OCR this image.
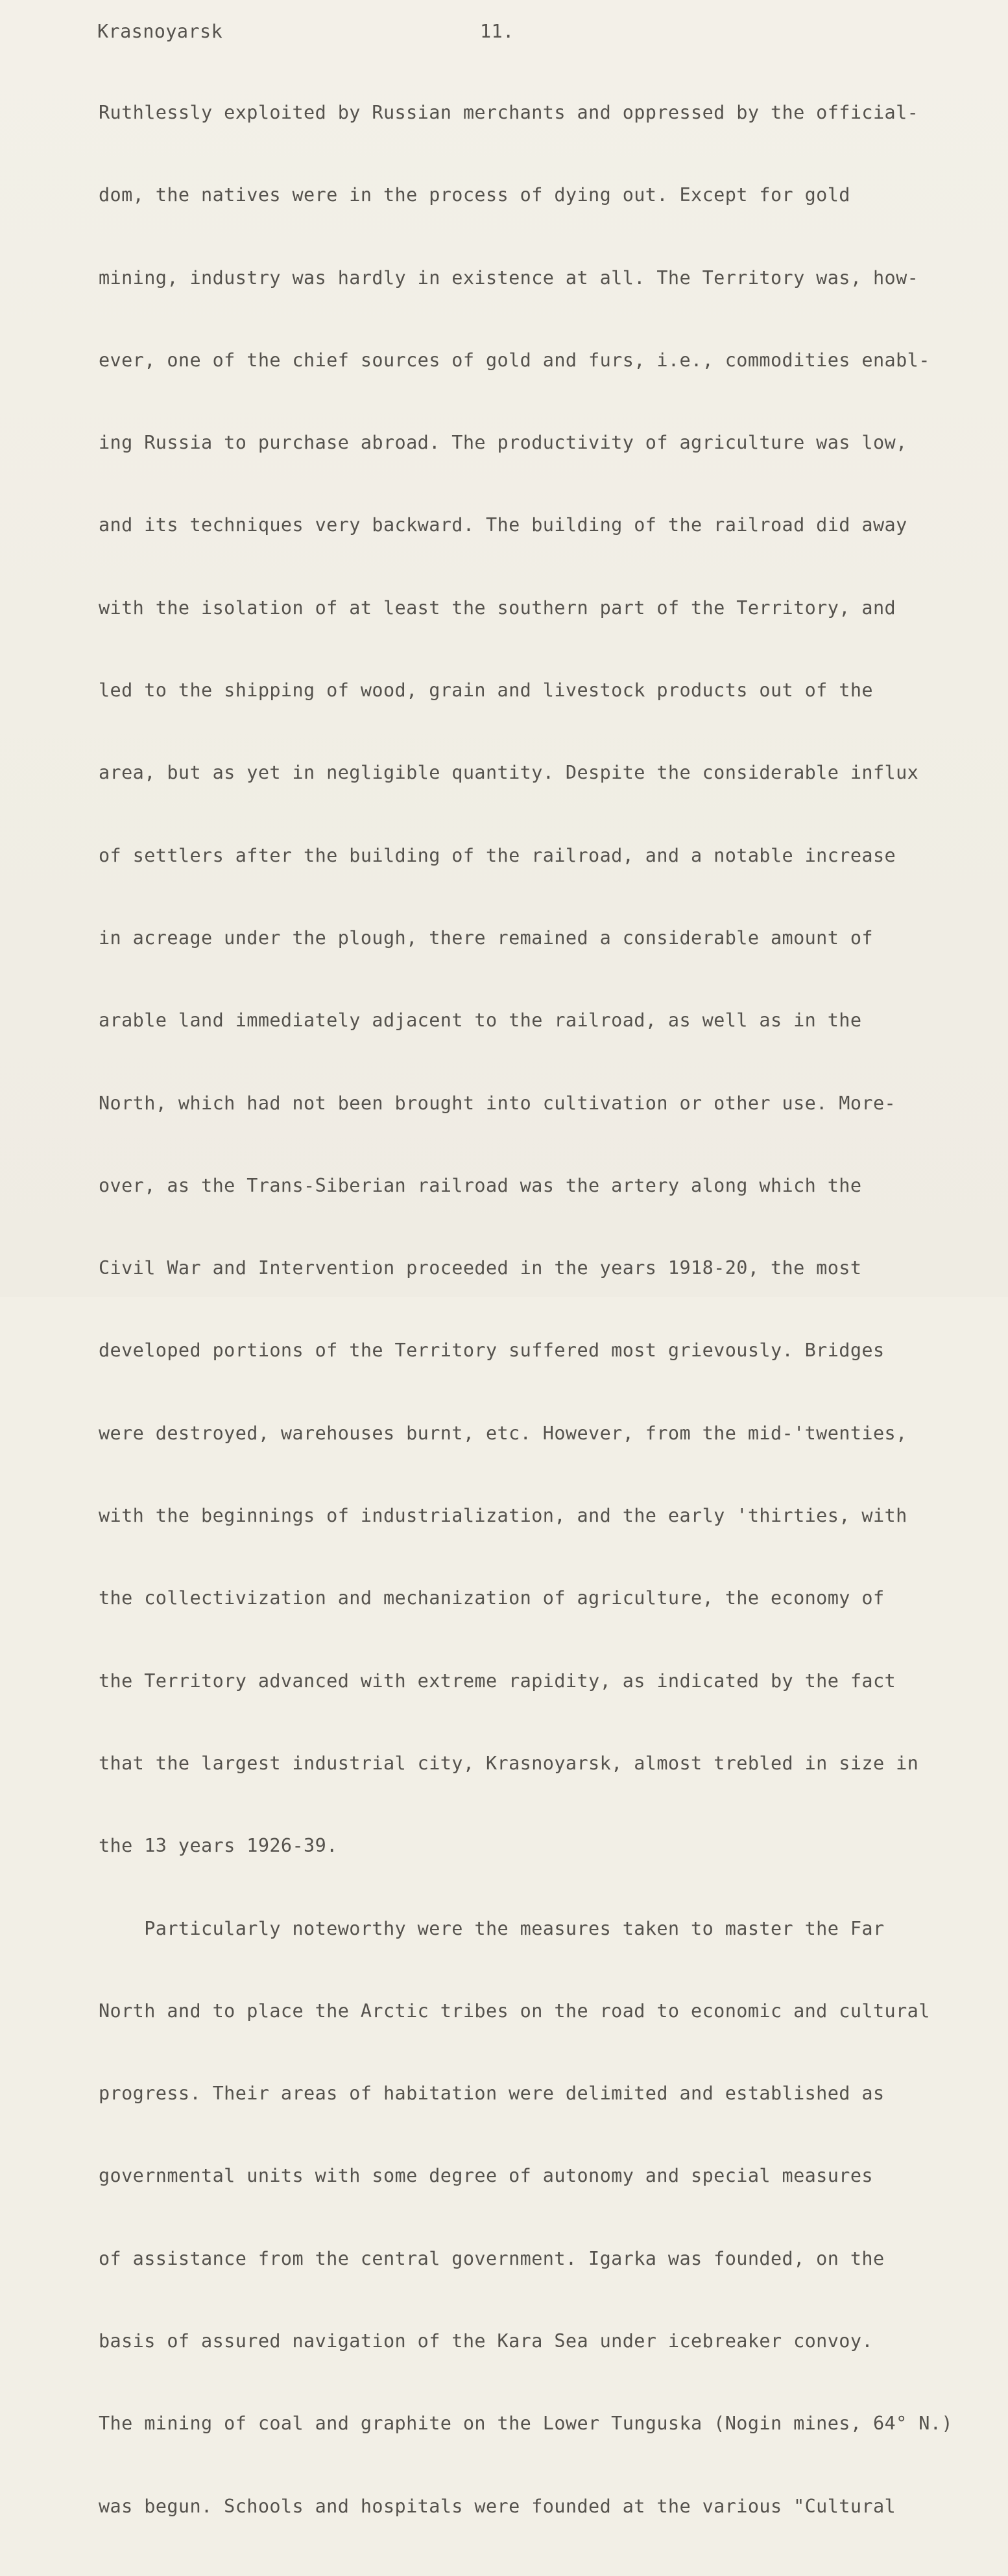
Krasnoyarsk	11.

Ruthlessly exploited by Russian merchants and oppressed by the official-

dom, the natives were in the process of dying out. Except for gold

mining, industry was hardly in existence at all. The Territory was, how-

ever, one of the chief sources of gold and furs, i.e., commodities enabl-

ing Russia to purchase abroad. The productivity of agriculture was low,

and its techniques very backward. The building of the railroad did away

with the isolation of at least the southern part of the Territory, and

led to the shipping of wood, grain and livestock products out of the

area, but as yet in negligible quantity. Despite the considerable influx

of settlers after the building of the railroad, and a notable increase

in acreage under the plough, there remained a considerable amount of

arable land immediately adjacent to the railroad, as well as in the

North, which had not been brought into cultivation or other use. More-

over, as the Trans-Siberian railroad was the artery along which the

Civil War and Intervention proceeded in the years 1918-20, the most

developed portions of the Territory suffered most grievously. Bridges

were destroyed, warehouses burnt, etc. However, from the mid-'twenties,

with the beginnings of industrialization, and the early 'thirties, with

the collectivization and mechanization of agriculture, the economy of

the Territory advanced with extreme rapidity, as indicated by the fact

that the largest industrial city, Krasnoyarsk, almost trebled in size in

the 13 years 1926-39.

Particularly noteworthy were the measures taken to master the Far

North and to place the Arctic tribes on the road to economic and cultural

progress. Their areas of habitation were delimited and established as

governmental units with some degree of autonomy and special measures

of assistance from the central government. Igarka was founded, on the

basis of assured navigation of the Kara Sea under icebreaker convoy.

The mining of coal and graphite on the Lower Tunguska (Nogin mines, 64° N.)

was begun. Schools and hospitals were founded at the various "Cultural
